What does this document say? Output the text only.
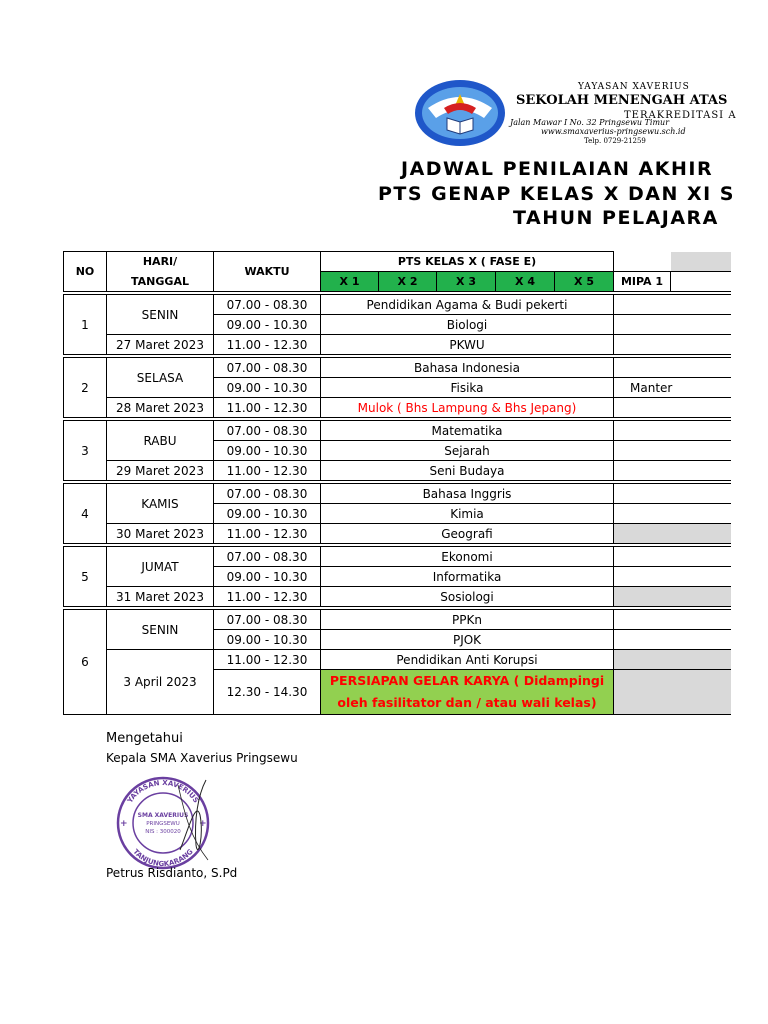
YAYASAN XAVERIUS
SEKOLAH MENENGAH ATAS
TERAKREDITASI A
Jalan Mawar I No. 32 Pringsewu Timur
www.smaxaverius-pringsewu.sch.id
Telp. 0729-21259
JADWAL PENILAIAN AKHIR
PTS GENAP KELAS X DAN XI S
TAHUN PELAJARA
NO	HARI/	WAKTU	PTS KELAS X ( FASE E)						
	TANGGAL		X 1	X 2	X 3	X 4	X 5	MIPA 1	

1	SENIN	07.00 - 08.30	Pendidikan Agama & Budi pekerti						
		09.00 - 10.30	Biologi						
	27 Maret 2023	11.00 - 12.30	PKWU						

2	SELASA	07.00 - 08.30	Bahasa Indonesia						
		09.00 - 10.30	Fisika					Manter	
	28 Maret 2023	11.00 - 12.30	Mulok ( Bhs Lampung & Bhs Jepang)						

3	RABU	07.00 - 08.30	Matematika						
		09.00 - 10.30	Sejarah						
	29 Maret 2023	11.00 - 12.30	Seni Budaya						

4	KAMIS	07.00 - 08.30	Bahasa Inggris						
		09.00 - 10.30	Kimia						
	30 Maret 2023	11.00 - 12.30	Geografi						

5	JUMAT	07.00 - 08.30	Ekonomi						
		09.00 - 10.30	Informatika						
	31 Maret 2023	11.00 - 12.30	Sosiologi						

6	SENIN	07.00 - 08.30	PPKn						
		09.00 - 10.30	PJOK						
	3 April 2023	11.00 - 12.30	Pendidikan Anti Korupsi						
		12.30 - 14.30	PERSIAPAN GELAR KARYA ( Didampingi oleh fasilitator dan / atau wali kelas)						
Mengetahui
Kepala SMA Xaverius Pringsewu
YAYASAN XAVERIUS
TANJUNGKARANG
SMA XAVERIUS
PRINGSEWU
NIS : 300020
+	+
Petrus Risdianto, S.Pd
